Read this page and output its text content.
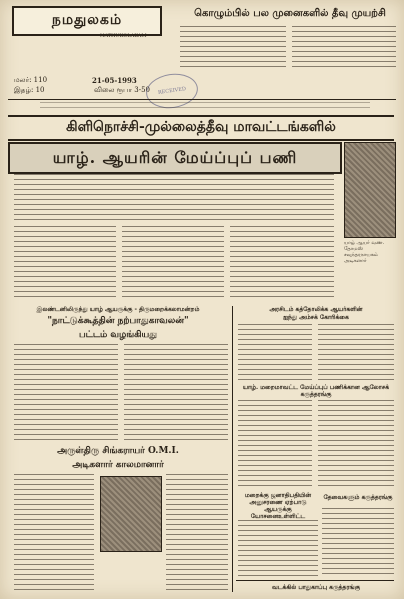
நமதுலகம்
NATHUKOLAKAM
கொழும்பில் பல முனைகளில் தீவு முயற்சி
மலர்: 110
இதழ்: 10
21-05-1993
விலை ரூபா 3-50	RECEIVED
கிளிநொச்சி-முல்லைத்தீவு மாவட்டங்களில்
யாழ். ஆயரின் மேய்ப்புப் பணி
யாழ் ஆயர் வண. தோமஸ் சவுந்தரநாயகம் அடிகளார்
இலண்டனிலிருந்து யாழ் ஆயருக்கு - திருமறைக்கலாமன்றம்
"நாட்டுக்கூத்தின் நற்பாதுகாவலன்"
பட்டம் வழங்கியது
அருள்திரு சிங்கராயர் O.M.I.
அடிகளார் காலமானார்
அரசிடம் கத்தோலிக்க ஆயர்களின்
ஐந்து அம்சக் கோரிக்கை
யாழ். மறைமாவட்ட மேய்ப்புப் பணிக்கான ஆலோசக் கருத்தரங்கு
மறைக்கு ஜனாதிபதியின் அனுசரணை ஏற்பாடு ஆயருக்கு யோசனைஉள்ளிட்ட
தேவைகளும் கருத்தரங்கு
வடக்கில் பாதுகாப்பு கருத்தரங்கு
